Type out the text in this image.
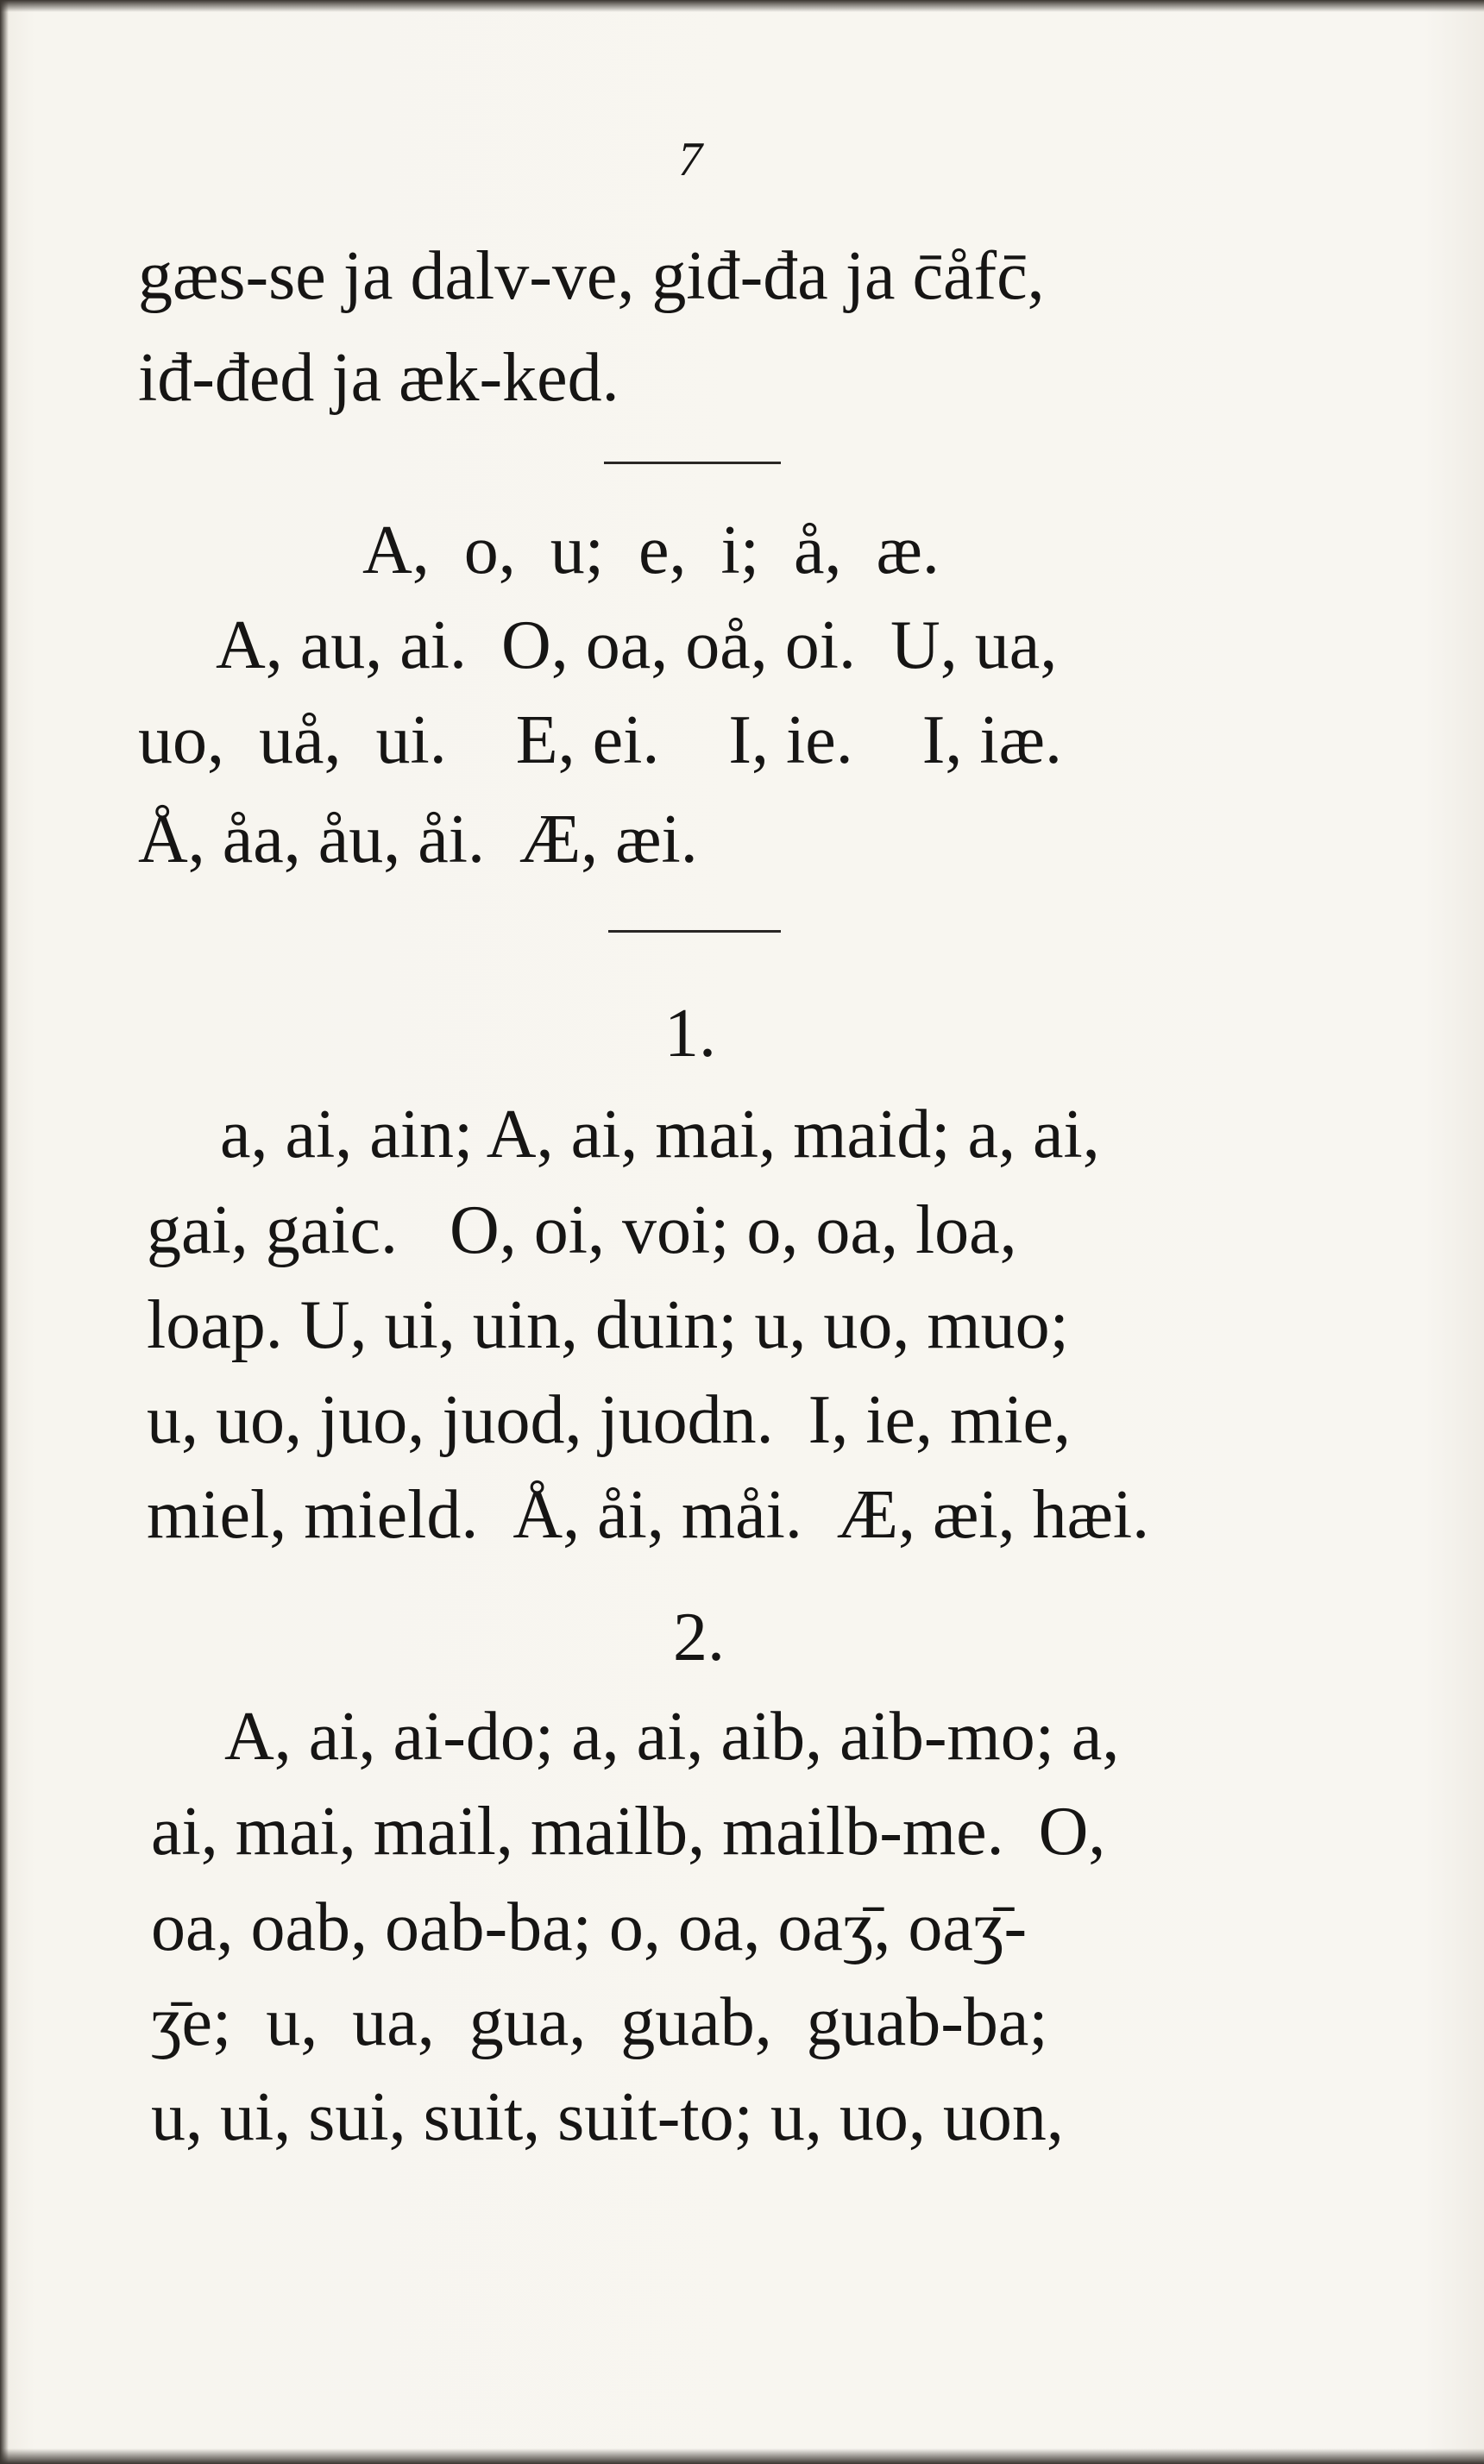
7
gæs-se ja dalv-ve, giđ-đa ja c̄åfc̄,
iđ-đed ja æk-ked.
A,  o,  u;  e,  i;  å,  æ.
A, au, ai.  O, oa, oå, oi.  U, ua,
uo,  uå,  ui.    E, ei.    I, ie.    I, iæ.
Å, åa, åu, åi.  Æ, æi.
1.
a, ai, ain; A, ai, mai, maid; a, ai,
gai, gaic.   O, oi, voi; o, oa, loa,
loap. U, ui, uin, duin; u, uo, muo;
u, uo, juo, juod, juodn.  I, ie, mie,
miel, mield.  Å, åi, måi.  Æ, æi, hæi.
2.
A, ai, ai-do; a, ai, aib, aib-mo; a,
ai, mai, mail, mailb, mailb-me.  O,
oa, oab, oab-ba; o, oa, oaʒ̄, oaʒ̄-
ʒ̄e;  u,  ua,  gua,  guab,  guab-ba;
u, ui, sui, suit, suit-to; u, uo, uon,
